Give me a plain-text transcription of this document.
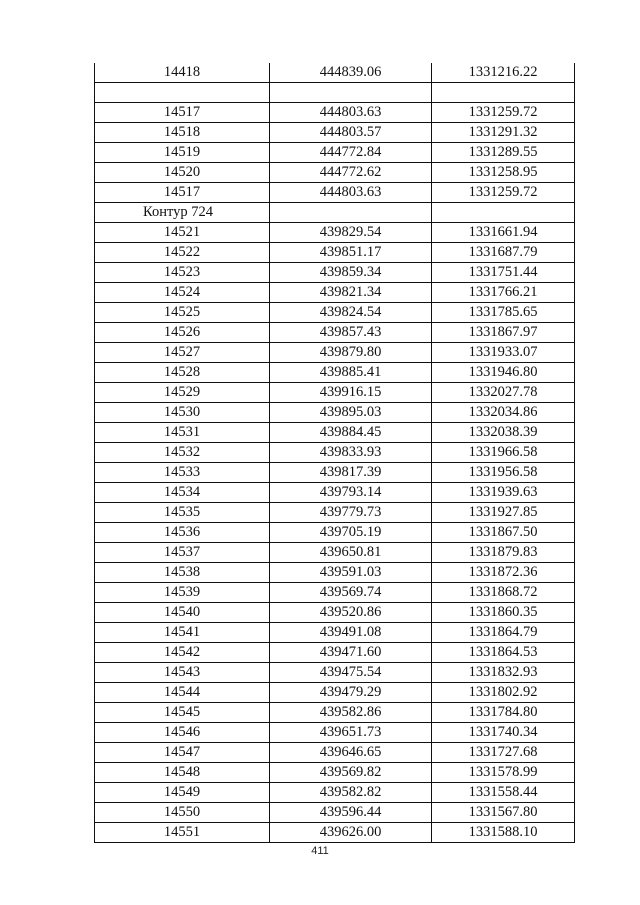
14418	444839.06	1331216.22

14517	444803.63	1331259.72
14518	444803.57	1331291.32
14519	444772.84	1331289.55
14520	444772.62	1331258.95
14517	444803.63	1331259.72
Контур 724		
14521	439829.54	1331661.94
14522	439851.17	1331687.79
14523	439859.34	1331751.44
14524	439821.34	1331766.21
14525	439824.54	1331785.65
14526	439857.43	1331867.97
14527	439879.80	1331933.07
14528	439885.41	1331946.80
14529	439916.15	1332027.78
14530	439895.03	1332034.86
14531	439884.45	1332038.39
14532	439833.93	1331966.58
14533	439817.39	1331956.58
14534	439793.14	1331939.63
14535	439779.73	1331927.85
14536	439705.19	1331867.50
14537	439650.81	1331879.83
14538	439591.03	1331872.36
14539	439569.74	1331868.72
14540	439520.86	1331860.35
14541	439491.08	1331864.79
14542	439471.60	1331864.53
14543	439475.54	1331832.93
14544	439479.29	1331802.92
14545	439582.86	1331784.80
14546	439651.73	1331740.34
14547	439646.65	1331727.68
14548	439569.82	1331578.99
14549	439582.82	1331558.44
14550	439596.44	1331567.80
14551	439626.00	1331588.10
411
